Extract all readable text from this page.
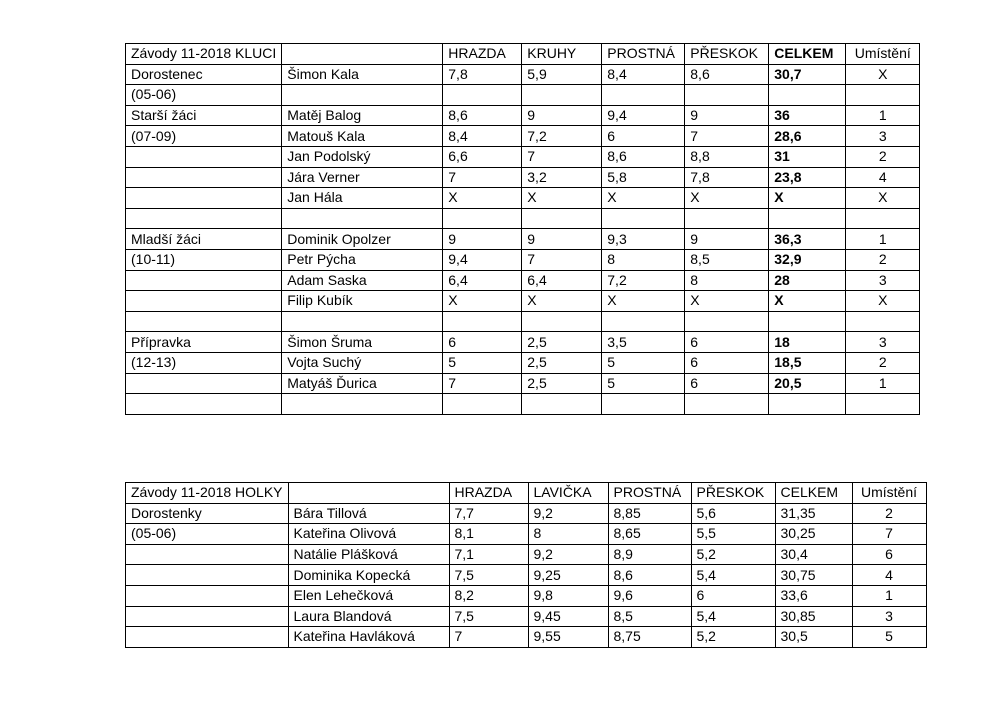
Závody 11-2018 KLUCI		HRAZDA	KRUHY	PROSTNÁ	PŘESKOK	CELKEM	Umístění
Dorostenec	Šimon Kala	7,8	5,9	8,4	8,6	30,7	X
(05-06)							
Starší žáci	Matěj Balog	8,6	9	9,4	9	36	1
(07-09)	Matouš Kala	8,4	7,2	6	7	28,6	3
	Jan Podolský	6,6	7	8,6	8,8	31	2
	Jára Verner	7	3,2	5,8	7,8	23,8	4
	Jan Hála	X	X	X	X	X	X

Mladší žáci	Dominik Opolzer	9	9	9,3	9	36,3	1
(10-11)	Petr Pýcha	9,4	7	8	8,5	32,9	2
	Adam Saska	6,4	6,4	7,2	8	28	3
	Filip Kubík	X	X	X	X	X	X

Přípravka	Šimon Šruma	6	2,5	3,5	6	18	3
(12-13)	Vojta Suchý	5	2,5	5	6	18,5	2
	Matyáš Ďurica	7	2,5	5	6	20,5	1

Závody 11-2018 HOLKY		HRAZDA	LAVIČKA	PROSTNÁ	PŘESKOK	CELKEM	Umístění
Dorostenky	Bára Tillová	7,7	9,2	8,85	5,6	31,35	2
(05-06)	Kateřina Olivová	8,1	8	8,65	5,5	30,25	7
	Natálie Plášková	7,1	9,2	8,9	5,2	30,4	6
	Dominika Kopecká	7,5	9,25	8,6	5,4	30,75	4
	Elen Lehečková	8,2	9,8	9,6	6	33,6	1
	Laura Blandová	7,5	9,45	8,5	5,4	30,85	3
	Kateřina Havláková	7	9,55	8,75	5,2	30,5	5
